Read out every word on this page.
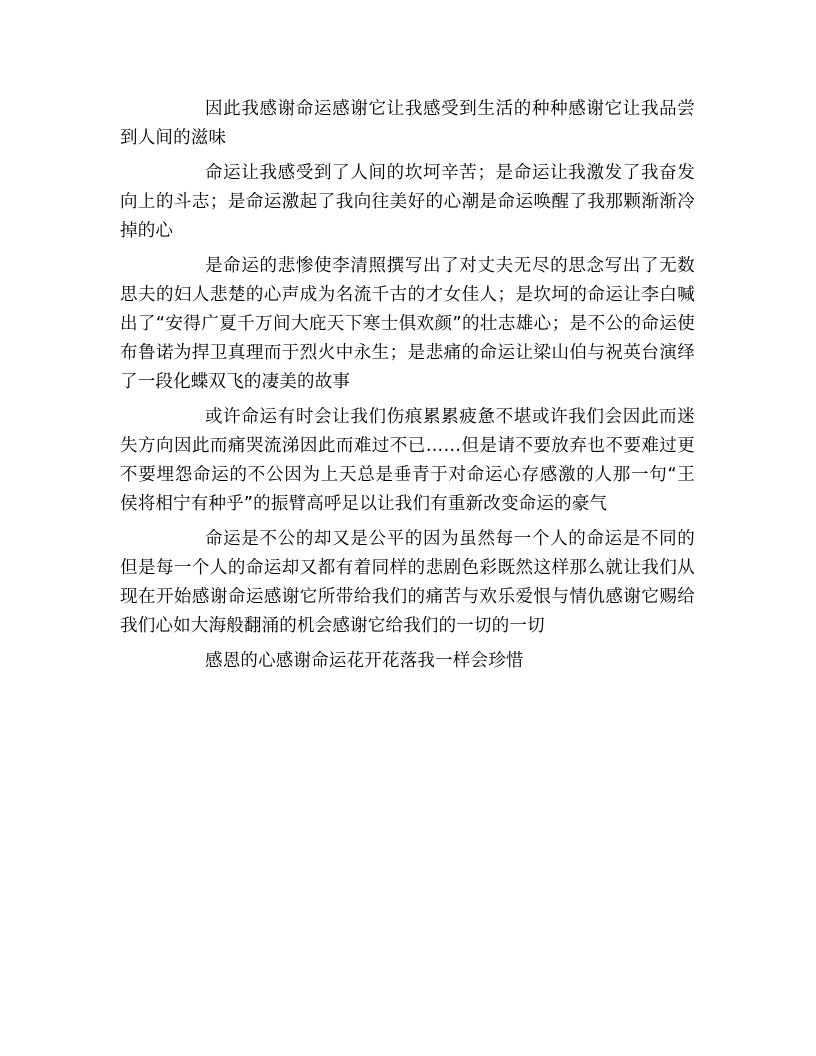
因此我感谢命运感谢它让我感受到生活的种种感谢它让我品尝到人间的滋味

命运让我感受到了人间的坎坷辛苦；是命运让我激发了我奋发向上的斗志；是命运激起了我向往美好的心潮是命运唤醒了我那颗渐渐冷掉的心

是命运的悲惨使李清照撰写出了对丈夫无尽的思念写出了无数思夫的妇人悲楚的心声成为名流千古的才女佳人；是坎坷的命运让李白喊出了“安得广夏千万间大庇天下寒士俱欢颜”的壮志雄心；是不公的命运使布鲁诺为捍卫真理而于烈火中永生；是悲痛的命运让梁山伯与祝英台演绎了一段化蝶双飞的凄美的故事

或许命运有时会让我们伤痕累累疲惫不堪或许我们会因此而迷失方向因此而痛哭流涕因此而难过不已……但是请不要放弃也不要难过更不要埋怨命运的不公因为上天总是垂青于对命运心存感激的人那一句“王侯将相宁有种乎”的振臂高呼足以让我们有重新改变命运的豪气

命运是不公的却又是公平的因为虽然每一个人的命运是不同的但是每一个人的命运却又都有着同样的悲剧色彩既然这样那么就让我们从现在开始感谢命运感谢它所带给我们的痛苦与欢乐爱恨与情仇感谢它赐给我们心如大海般翻涌的机会感谢它给我们的一切的一切

感恩的心感谢命运花开花落我一样会珍惜
